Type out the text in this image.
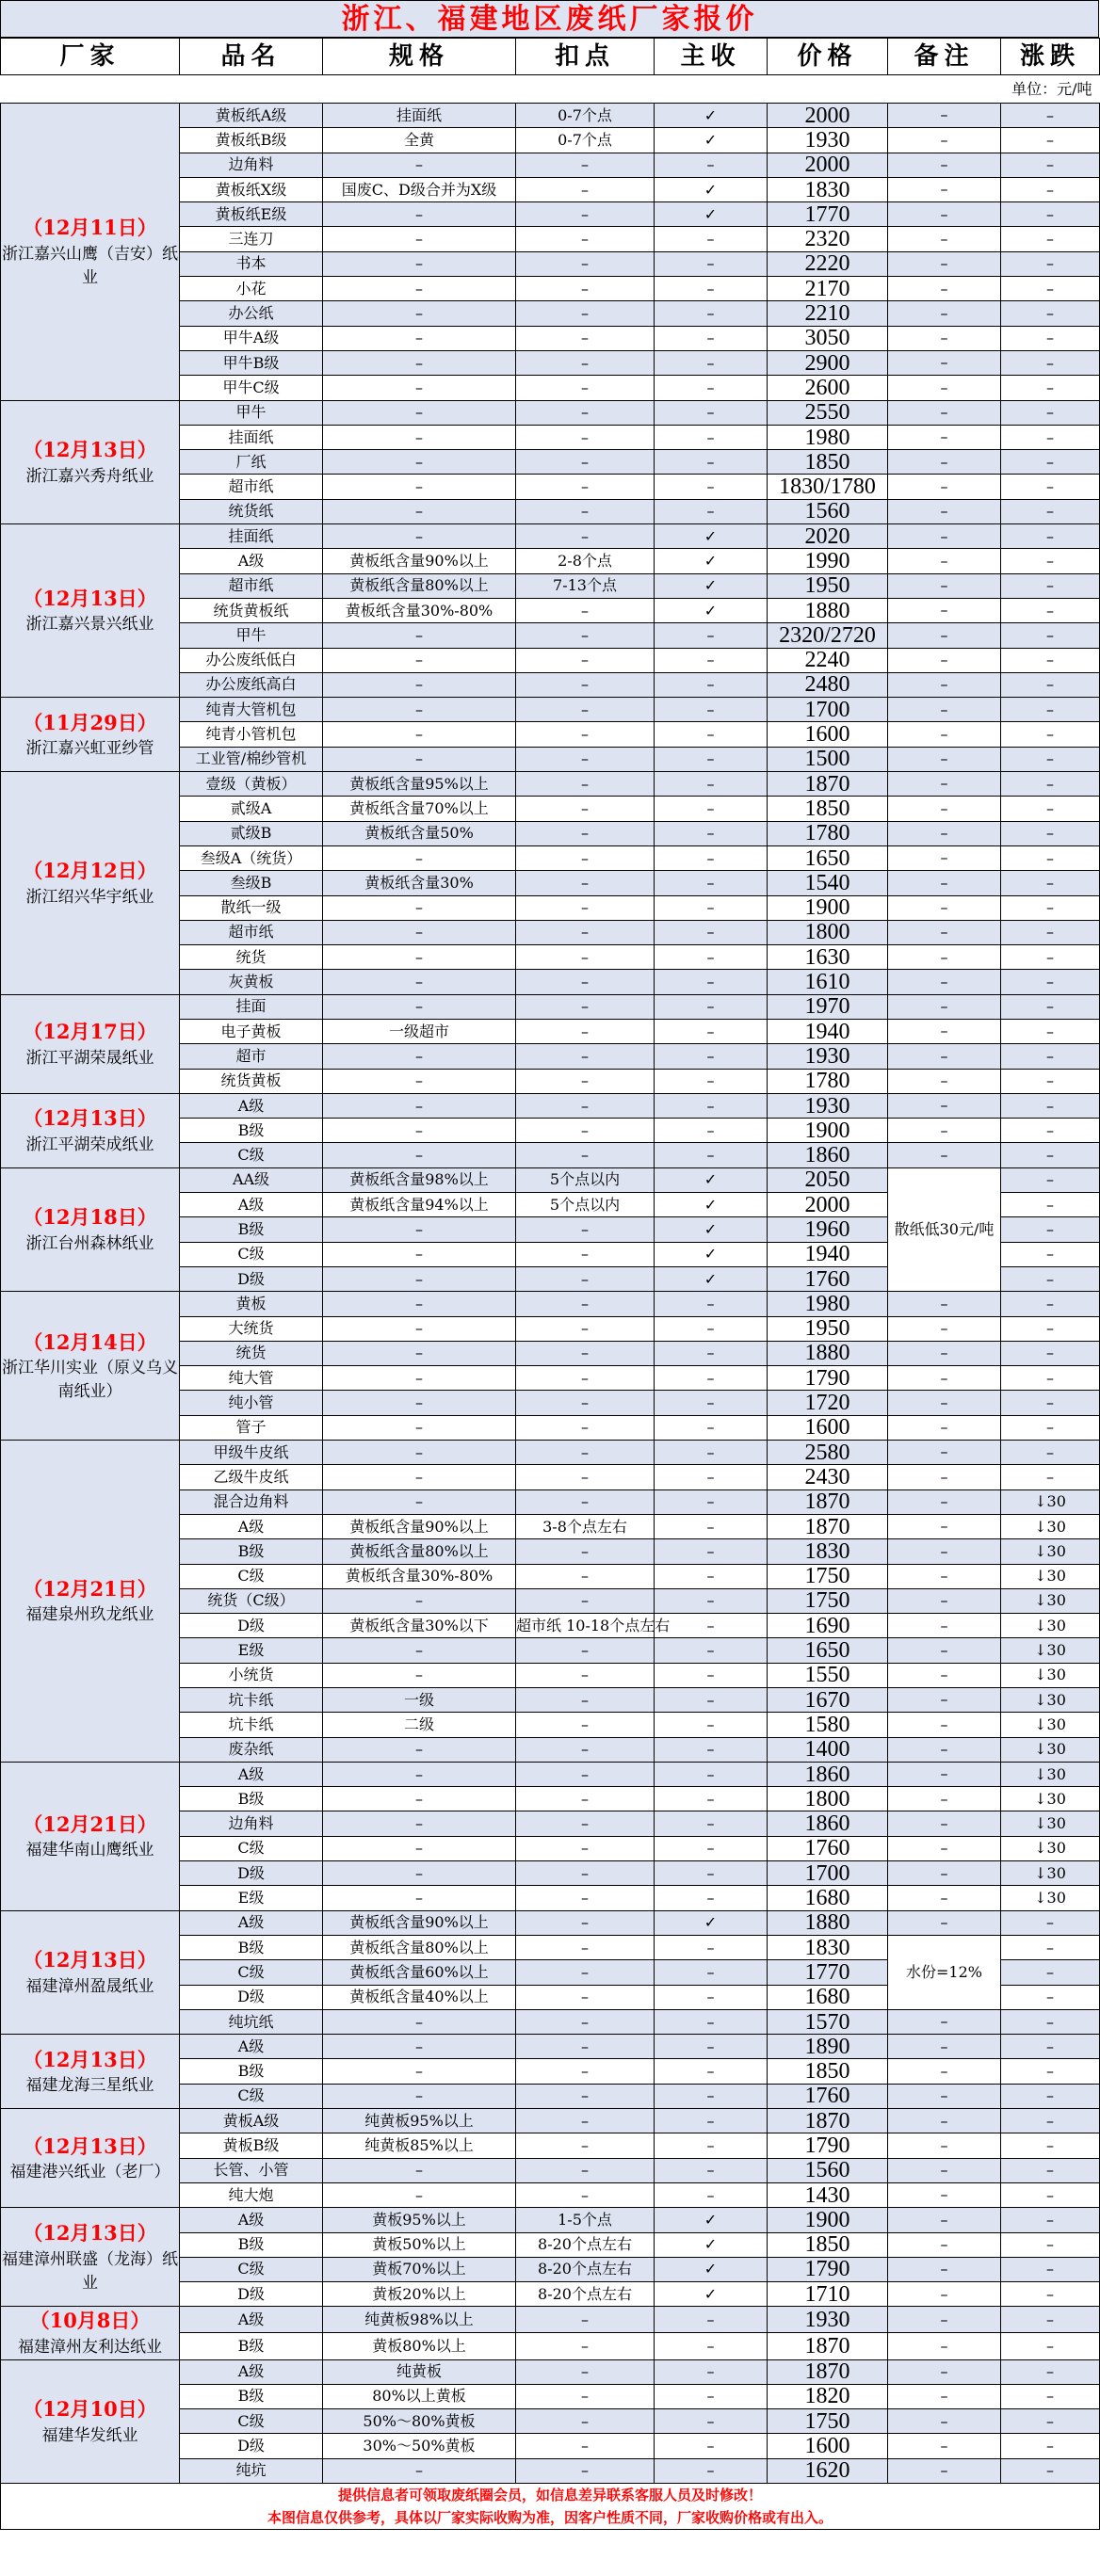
浙江、福建地区废纸厂家报价
厂家	品名	规格	扣点	主收	价格	备注	涨跌
单位：元/吨							

（12月11日）
浙江嘉兴山鹰（吉安）纸业	黄板纸A级	挂面纸	0-7个点	✓	2000	–	–
	黄板纸B级	全黄	0-7个点	✓	1930	–	–
	边角料	–	–	–	2000	–	–
	黄板纸X级	国废C、D级合并为X级	–	✓	1830	–	–
	黄板纸E级	–	–	✓	1770	–	–
	三连刀	–	–	–	2320	–	–
	书本	–	–	–	2220	–	–
	小花	–	–	–	2170	–	–
	办公纸	–	–	–	2210	–	–
	甲牛A级	–	–	–	3050	–	–
	甲牛B级	–	–	–	2900	–	–
	甲牛C级	–	–	–	2600	–	–

（12月13日）
浙江嘉兴秀舟纸业	甲牛	–	–	–	2550	–	–
	挂面纸	–	–	–	1980	–	–
	厂纸	–	–	–	1850	–	–
	超市纸	–	–	–	1830/1780	–	–
	统货纸	–	–	–	1560	–	–

（12月13日）
浙江嘉兴景兴纸业	挂面纸	–	–	✓	2020	–	–
	A级	黄板纸含量90%以上	2-8个点	✓	1990	–	–
	超市纸	黄板纸含量80%以上	7-13个点	✓	1950	–	–
	统货黄板纸	黄板纸含量30%-80%	–	✓	1880	–	–
	甲牛	–	–	–	2320/2720	–	–
	办公废纸低白	–	–	–	2240	–	–
	办公废纸高白	–	–	–	2480	–	–

（11月29日）
浙江嘉兴虹亚纱管	纯青大管机包	–	–	–	1700	–	–
	纯青小管机包	–	–	–	1600	–	–
	工业管/棉纱管机	–	–	–	1500	–	–

（12月12日）
浙江绍兴华宇纸业	壹级（黄板）	黄板纸含量95%以上	–	–	1870	–	–
	贰级A	黄板纸含量70%以上	–	–	1850	–	–
	贰级B	黄板纸含量50%	–	–	1780	–	–
	叁级A（统货）	–	–	–	1650	–	–
	叁级B	黄板纸含量30%	–	–	1540	–	–
	散纸一级	–	–	–	1900	–	–
	超市纸	–	–	–	1800	–	–
	统货	–	–	–	1630	–	–
	灰黄板	–	–	–	1610	–	–

（12月17日）
浙江平湖荣晟纸业	挂面	–	–	–	1970	–	–
	电子黄板	一级超市	–	–	1940	–	–
	超市	–	–	–	1930	–	–
	统货黄板	–	–	–	1780	–	–

（12月13日）
浙江平湖荣成纸业	A级	–	–	–	1930	–	–
	B级	–	–	–	1900	–	–
	C级	–	–	–	1860	–	–

（12月18日）
浙江台州森林纸业	AA级	黄板纸含量98%以上	5个点以内	✓	2050	散纸低30元/吨	–
	A级	黄板纸含量94%以上	5个点以内	✓	2000		–
	B级	–	–	✓	1960		–
	C级	–	–	✓	1940		–
	D级	–	–	✓	1760		–

（12月14日）
浙江华川实业（原义乌义南纸业）	黄板	–	–	–	1980	–	–
	大统货	–	–	–	1950	–	–
	统货	–	–	–	1880	–	–
	纯大管	–	–	–	1790	–	–
	纯小管	–	–	–	1720	–	–
	管子	–	–	–	1600	–	–

（12月21日）
福建泉州玖龙纸业	甲级牛皮纸	–	–	–	2580	–	–
	乙级牛皮纸	–	–	–	2430	–	–
	混合边角料	–	–	–	1870	–	↓30
	A级	黄板纸含量90%以上	3-8个点左右	–	1870	–	↓30
	B级	黄板纸含量80%以上	–	–	1830	–	↓30
	C级	黄板纸含量30%-80%	–	–	1750	–	↓30
	统货（C级）	–	–	–	1750	–	↓30
	D级	黄板纸含量30%以下	超市纸 10-18个点左右	–	1690	–	↓30
	E级	–	–	–	1650	–	↓30
	小统货	–	–	–	1550	–	↓30
	坑卡纸	一级	–	–	1670	–	↓30
	坑卡纸	二级	–	–	1580	–	↓30
	废杂纸	–	–	–	1400	–	↓30

（12月21日）
福建华南山鹰纸业	A级	–	–	–	1860	–	↓30
	B级	–	–	–	1800	–	↓30
	边角料	–	–	–	1860	–	↓30
	C级	–	–	–	1760	–	↓30
	D级	–	–	–	1700	–	↓30
	E级	–	–	–	1680	–	↓30

（12月13日）
福建漳州盈晟纸业	A级	黄板纸含量90%以上	–	✓	1880	–	–
	B级	黄板纸含量80%以上	–	–	1830	水份=12%	–
	C级	黄板纸含量60%以上	–	–	1770		–
	D级	黄板纸含量40%以上	–	–	1680		–
	纯坑纸	–	–	–	1570	–	–

（12月13日）
福建龙海三星纸业	A级	–	–	–	1890	–	–
	B级	–	–	–	1850	–	–
	C级	–	–	–	1760	–	–

（12月13日）
福建港兴纸业（老厂）	黄板A级	纯黄板95%以上	–	–	1870	–	–
	黄板B级	纯黄板85%以上	–	–	1790	–	–
	长管、小管	–	–	–	1560	–	–
	纯大炮	–	–	–	1430	–	–

（12月13日）
福建漳州联盛（龙海）纸业	A级	黄板95%以上	1-5个点	✓	1900	–	–
	B级	黄板50%以上	8-20个点左右	✓	1850	–	–
	C级	黄板70%以上	8-20个点左右	✓	1790	–	–
	D级	黄板20%以上	8-20个点左右	✓	1710	–	–

（10月8日）
福建漳州友利达纸业	A级	纯黄板98%以上	–	–	1930	–	–
	B级	黄板80%以上	–	–	1870	–	–

（12月10日）
福建华发纸业	A级	纯黄板	–	–	1870	–	–
	B级	80%以上黄板	–	–	1820	–	–
	C级	50%～80%黄板	–	–	1750	–	–
	D级	30%～50%黄板	–	–	1600	–	–
	纯坑	–	–	–	1620	–	–

提供信息者可领取废纸圈会员，如信息差异联系客服人员及时修改！
本图信息仅供参考，具体以厂家实际收购为准，因客户性质不同，厂家收购价格或有出入。							
